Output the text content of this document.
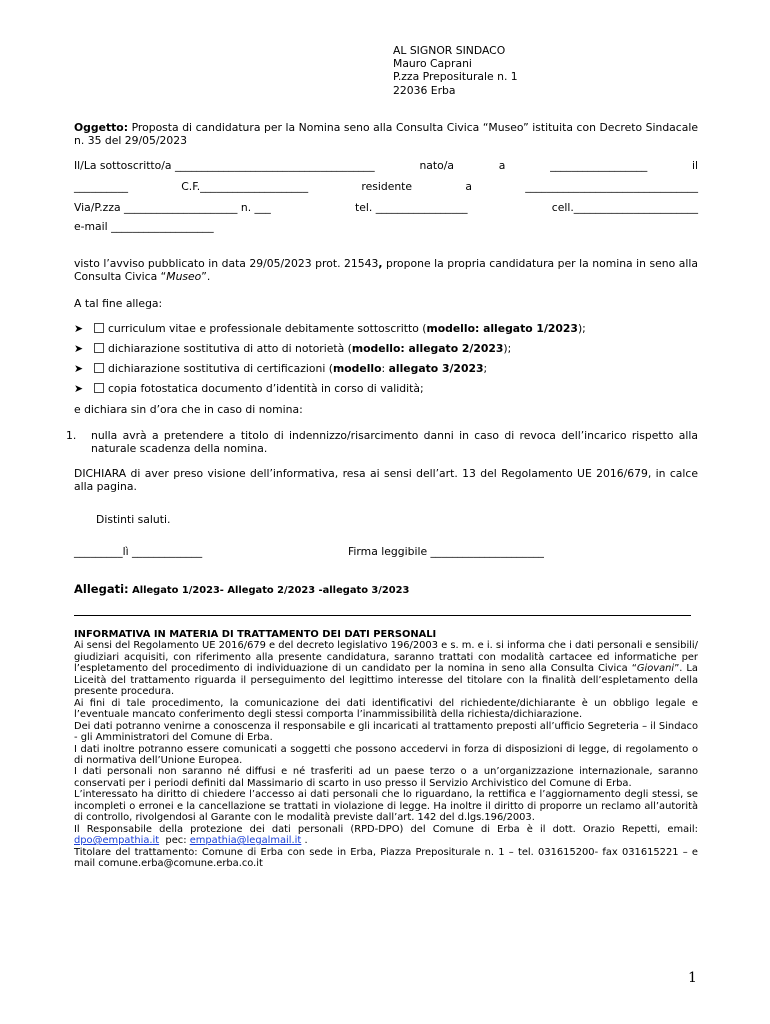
AL SIGNOR SINDACO
Mauro Caprani
P.zza Prepositurale n. 1
22036 Erba
Oggetto: Proposta di candidatura per la Nomina seno alla Consulta Civica “Museo” istituita con Decreto Sindacale n. 35 del 29/05/2023
Il/La sottoscritto/a _____________________________________	nato/a	a	__________________	il
__________	C.F.____________________	residente	a	________________________________
Via/P.zza _____________________ n. ___	tel. _________________	cell._______________________
e-mail ___________________
visto l’avviso pubblicato in data 29/05/2023 prot. 21543, propone la propria candidatura per la nomina in seno alla Consulta Civica “Museo”.
A tal fine allega:
➤ curriculum vitae e professionale debitamente sottoscritto (modello: allegato 1/2023);
➤ dichiarazione sostitutiva di atto di notorietà (modello: allegato 2/2023);
➤ dichiarazione sostitutiva di certificazioni (modello: allegato 3/2023;
➤ copia fotostatica documento d’identità in corso di validità;
e dichiara sin d’ora che in caso di nomina:
1. nulla avrà a pretendere a titolo di indennizzo/risarcimento danni in caso di revoca dell’incarico rispetto alla naturale scadenza della nomina.
DICHIARA di aver preso visione dell’informativa, resa ai sensi dell’art. 13 del Regolamento UE 2016/679, in calce alla pagina.
Distinti saluti.
_________lì _____________	Firma leggibile _____________________
Allegati: Allegato 1/2023- Allegato 2/2023 -allegato 3/2023

INFORMATIVA IN MATERIA DI TRATTAMENTO DEI DATI PERSONALI

Ai sensi del Regolamento UE 2016/679 e del decreto legislativo 196/2003 e s. m. e i. si informa che i dati personali e sensibili/ giudiziari acquisiti, con riferimento alla presente candidatura, saranno trattati con modalità cartacee ed informatiche per l’espletamento del procedimento di individuazione di un candidato per la nomina in seno alla Consulta Civica “Giovani”. La Liceità del trattamento riguarda il perseguimento del legittimo interesse del titolare con la finalità dell’espletamento della presente procedura.

Ai fini di tale procedimento, la comunicazione dei dati identificativi del richiedente/dichiarante è un obbligo legale e l’eventuale mancato conferimento degli stessi comporta l’inammissibilità della richiesta/dichiarazione.

Dei dati potranno venirne a conoscenza il responsabile e gli incaricati al trattamento preposti all’ufficio Segreteria – il Sindaco - gli Amministratori del Comune di Erba.

I dati inoltre potranno essere comunicati a soggetti che possono accedervi in forza di disposizioni di legge, di regolamento o di normativa dell’Unione Europea.

I dati personali non saranno né diffusi e né trasferiti ad un paese terzo o a un’organizzazione internazionale, saranno conservati per i periodi definiti dal Massimario di scarto in uso presso il Servizio Archivistico del Comune di Erba.

L’interessato ha diritto di chiedere l’accesso ai dati personali che lo riguardano, la rettifica e l’aggiornamento degli stessi, se incompleti o erronei e la cancellazione se trattati in violazione di legge. Ha inoltre il diritto di proporre un reclamo all’autorità di controllo, rivolgendosi al Garante con le modalità previste dall’art. 142 del d.lgs.196/2003.

Il Responsabile della protezione dei dati personali (RPD-DPO) del Comune di Erba è il dott. Orazio Repetti, email: dpo@empathia.it  pec: empathia@legalmail.it .

Titolare del trattamento: Comune di Erba con sede in Erba, Piazza Prepositurale n. 1 – tel. 031615200- fax 031615221 – e mail comune.erba@comune.erba.co.it

1
